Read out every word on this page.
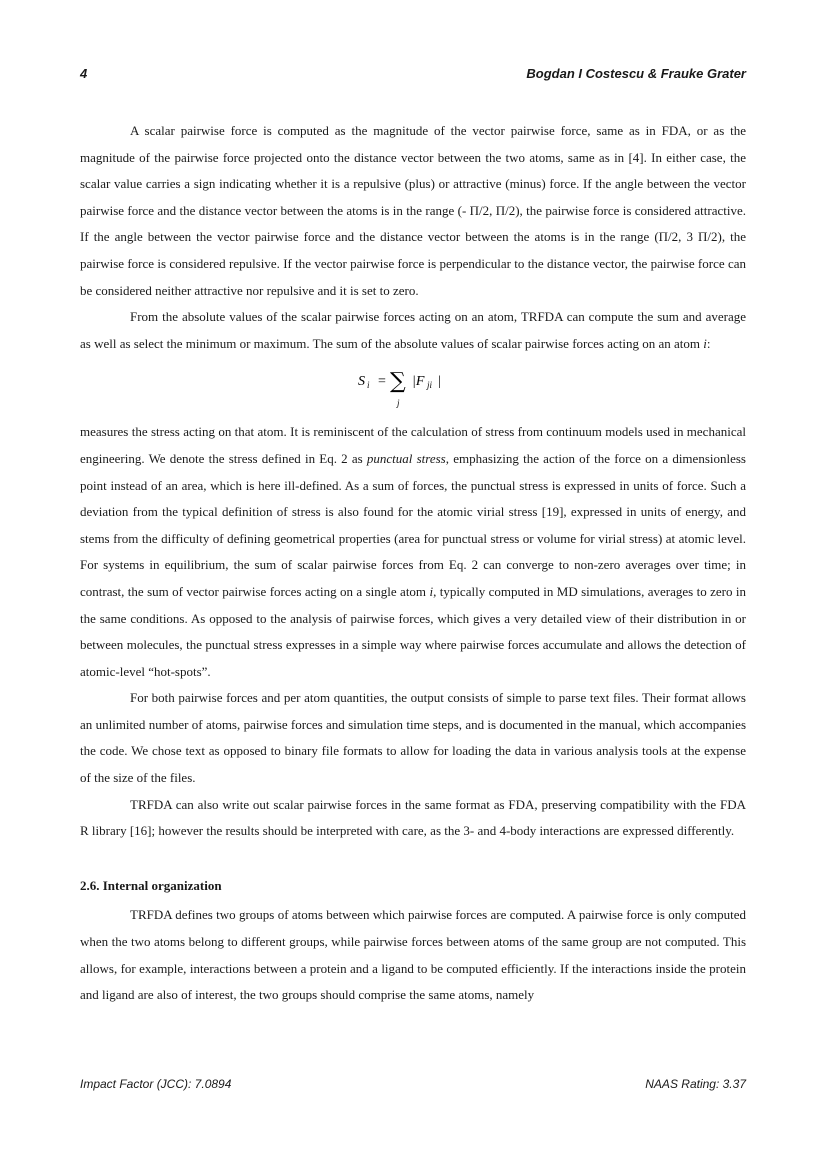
4	Bogdan I Costescu & Frauke Grater

A scalar pairwise force is computed as the magnitude of the vector pairwise force, same as in FDA, or as the magnitude of the pairwise force projected onto the distance vector between the two atoms, same as in [4]. In either case, the scalar value carries a sign indicating whether it is a repulsive (plus) or attractive (minus) force. If the angle between the vector pairwise force and the distance vector between the atoms is in the range (- Π/2, Π/2), the pairwise force is considered attractive. If the angle between the vector pairwise force and the distance vector between the atoms is in the range (Π/2, 3 Π/2), the pairwise force is considered repulsive. If the vector pairwise force is perpendicular to the distance vector, the pairwise force can be considered neither attractive nor repulsive and it is set to zero.

From the absolute values of the scalar pairwise forces acting on an atom, TRFDA can compute the sum and average as well as select the minimum or maximum. The sum of the absolute values of scalar pairwise forces acting on an atom i:

S i = ∑
j
|F ji |

measures the stress acting on that atom. It is reminiscent of the calculation of stress from continuum models used in mechanical engineering. We denote the stress defined in Eq. 2 as punctual stress, emphasizing the action of the force on a dimensionless point instead of an area, which is here ill-defined. As a sum of forces, the punctual stress is expressed in units of force. Such a deviation from the typical definition of stress is also found for the atomic virial stress [19], expressed in units of energy, and stems from the difficulty of defining geometrical properties (area for punctual stress or volume for virial stress) at atomic level. For systems in equilibrium, the sum of scalar pairwise forces from Eq. 2 can converge to non-zero averages over time; in contrast, the sum of vector pairwise forces acting on a single atom i, typically computed in MD simulations, averages to zero in the same conditions. As opposed to the analysis of pairwise forces, which gives a very detailed view of their distribution in or between molecules, the punctual stress expresses in a simple way where pairwise forces accumulate and allows the detection of atomic-level “hot-spots”.

For both pairwise forces and per atom quantities, the output consists of simple to parse text files. Their format allows an unlimited number of atoms, pairwise forces and simulation time steps, and is documented in the manual, which accompanies the code. We chose text as opposed to binary file formats to allow for loading the data in various analysis tools at the expense of the size of the files.

TRFDA can also write out scalar pairwise forces in the same format as FDA, preserving compatibility with the FDA R library [16]; however the results should be interpreted with care, as the 3- and 4-body interactions are expressed differently.

2.6. Internal organization

TRFDA defines two groups of atoms between which pairwise forces are computed. A pairwise force is only computed when the two atoms belong to different groups, while pairwise forces between atoms of the same group are not computed. This allows, for example, interactions between a protein and a ligand to be computed efficiently. If the interactions inside the protein and ligand are also of interest, the two groups should comprise the same atoms, namely

Impact Factor (JCC): 7.0894	NAAS Rating: 3.37
